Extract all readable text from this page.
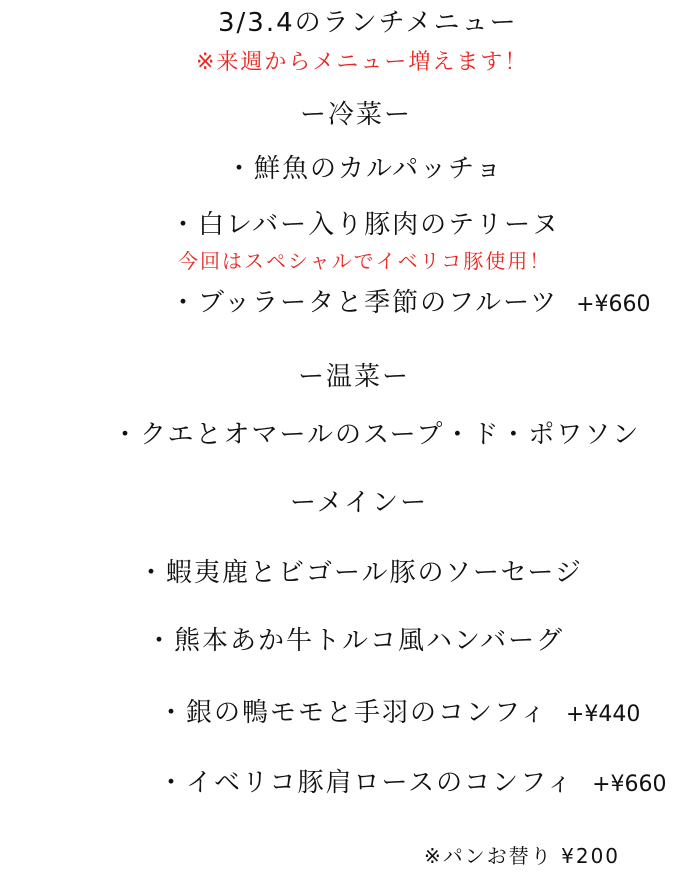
3/3.4のランチメニュー
※来週からメニュー増えます！
ー冷菜ー
・鮮魚のカルパッチョ
・白レバー入り豚肉のテリーヌ
今回はスペシャルでイベリコ豚使用！
・ブッラータと季節のフルーツ +¥660
ー温菜ー
・クエとオマールのスープ・ド・ポワソン
ーメインー
・蝦夷鹿とビゴール豚のソーセージ
・熊本あか牛トルコ風ハンバーグ
・銀の鴨モモと手羽のコンフィ +¥440
・イベリコ豚肩ロースのコンフィ +¥660
※パンお替り ¥200
